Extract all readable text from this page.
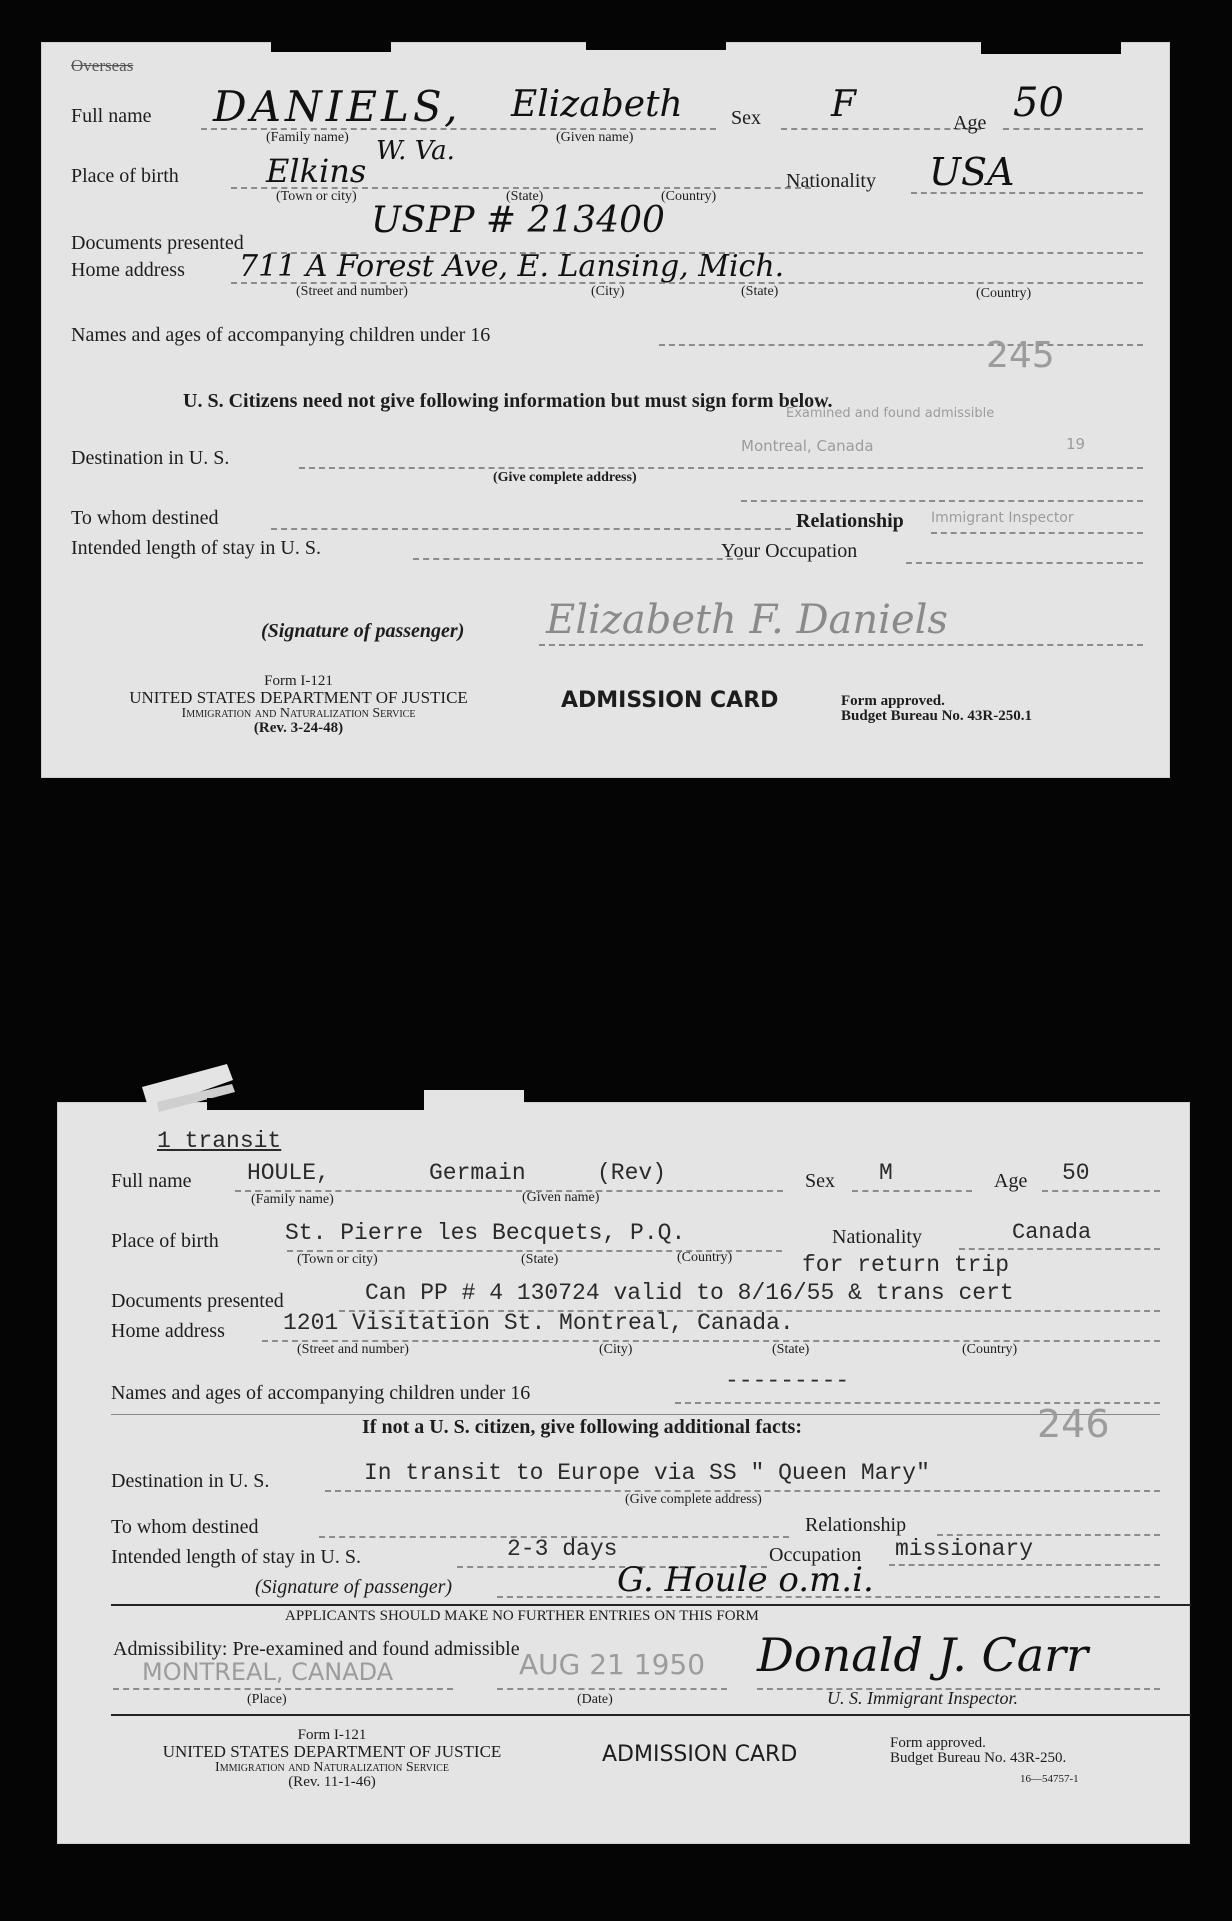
Overseas
Full name DANIELS, Elizabeth
(Family name)	(Given name)
Sex F	Age 50
Place of birth	Elkins
W. Va.
(Town or city)	(State)	(Country)
Nationality USA
Documents presented
USPP # 213400
Home address 711 A Forest Ave, E. Lansing, Mich.
(Street and number)	(City)	(State)	(Country)
Names and ages of accompanying children under 16	245
U. S. Citizens need not give following information but must sign form below.
Examined and found admissible
Destination in U. S.
Montreal, Canada	19
(Give complete address)
To whom destined	Relationship Immigrant Inspector
Intended length of stay in U. S.	Your Occupation
(Signature of passenger) Elizabeth F. Daniels
Form I-121
UNITED STATES DEPARTMENT OF JUSTICE
Immigration and Naturalization Service
(Rev. 3-24-48)
ADMISSION CARD	Form approved.
Budget Bureau No. 43R-250.1
1 transit
Full name HOULE,	Germain	(Rev)
(Family name)	(Given name)
Sex M	Age 50
Place of birth	St. Pierre les Becquets, P.Q.
(Town or city)	(State)	(Country)
Nationality	Canada
for return trip
Documents presented	Can PP # 4 130724 valid to 8/16/55 & trans cert
Home address	1201 Visitation St. Montreal, Canada.
(Street and number)	(City)	(State)	(Country)
Names and ages of accompanying children under 16	---------
If not a U. S. citizen, give following additional facts:	246
Destination in U. S.	In transit to Europe via SS " Queen Mary"
(Give complete address)
To whom destined	Relationship
Intended length of stay in U. S.	2-3 days	Occupation missionary
(Signature of passenger)	G. Houle o.m.i.
APPLICANTS SHOULD MAKE NO FURTHER ENTRIES ON THIS FORM
Admissibility: Pre-examined and found admissible
MONTREAL, CANADA	AUG 21 1950 Donald J. Carr
(Place)	(Date)	U. S. Immigrant Inspector.
Form I-121
UNITED STATES DEPARTMENT OF JUSTICE
Immigration and Naturalization Service
(Rev. 11-1-46)
ADMISSION CARD	Form approved.
Budget Bureau No. 43R-250.
16—54757-1
